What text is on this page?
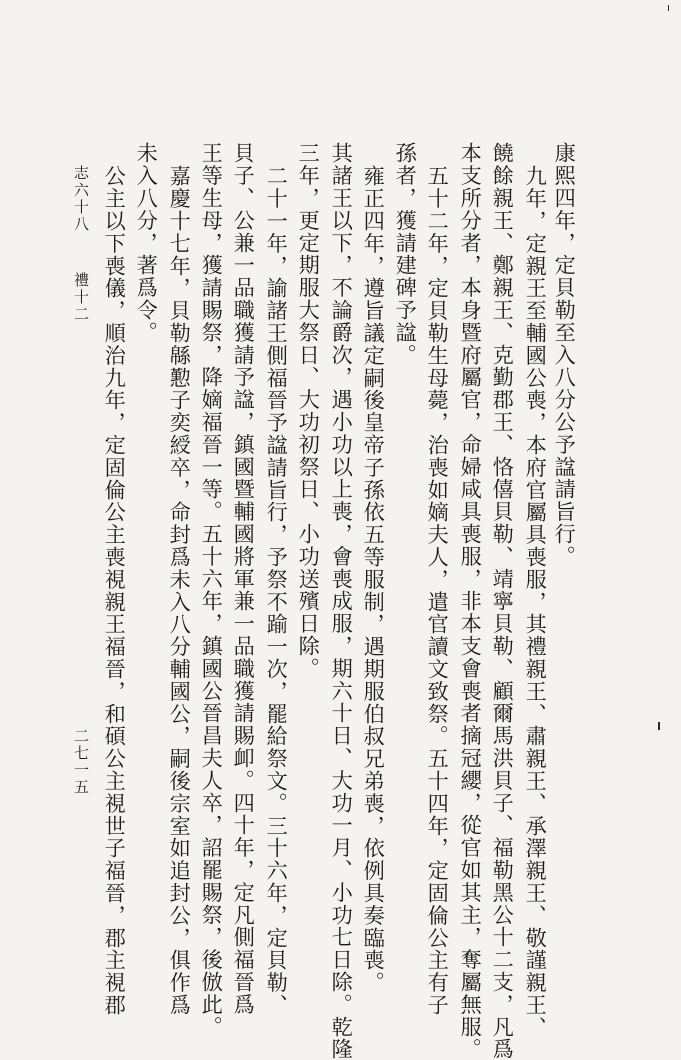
康熙四年，定貝勒至入八分公予諡請旨行。
九年，定親王至輔國公喪，本府官屬具喪服，其禮親王、肅親王、承澤親王、敬謹親王、
饒餘親王、鄭親王、克勤郡王、恪僖貝勒、靖寧貝勒、顧爾馬洪貝子、福勒黑公十二支，凡爲
本支所分者，本身暨府屬官，命婦咸具喪服，非本支會喪者摘冠纓，從官如其主，奪屬無服。
五十二年，定貝勒生母薨，治喪如嫡夫人，遣官讀文致祭。五十四年，定固倫公主有子
孫者，獲請建碑予諡。
雍正四年，遵旨議定嗣後皇帝子孫依五等服制，遇期服伯叔兄弟喪，依例具奏臨喪。
其諸王以下，不論爵次，遇小功以上喪，會喪成服，期六十日、大功一月、小功七日除。乾隆
三年，更定期服大祭日、大功初祭日、小功送殯日除。
二十一年，諭諸王側福晉予諡請旨行，予祭不踰一次，罷給祭文。三十六年，定貝勒、
貝子、公兼一品職獲請予諡，鎮國暨輔國將軍兼一品職獲請賜卹。四十年，定凡側福晉爲
王等生母，獲請賜祭，降嫡福晉一等。五十六年，鎮國公晉昌夫人卒，詔罷賜祭，後倣此。
嘉慶十七年，貝勒緜懃子奕綬卒，命封爲未入八分輔國公，嗣後宗室如追封公，俱作爲
未入八分，著爲令。
公主以下喪儀，順治九年，定固倫公主喪視親王福晉，和碩公主視世子福晉，郡主視郡
志六十八
禮十二
二七一五
